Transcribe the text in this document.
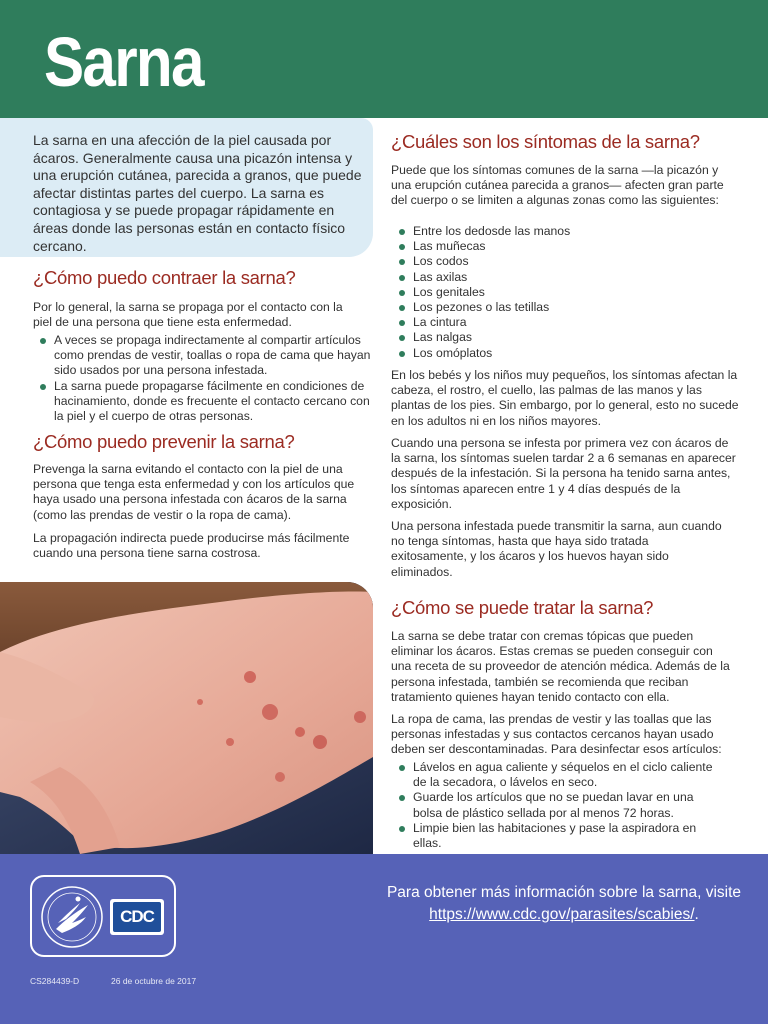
Sarna

La sarna en una afección de la piel causada por ácaros. Generalmente causa una picazón intensa y una erupción cutánea, parecida a granos, que puede afectar distintas partes del cuerpo. La sarna es contagiosa y se puede propagar rápidamente en áreas donde las personas están en contacto físico cercano.

¿Cómo puedo contraer la sarna?

Por lo general, la sarna se propaga por el contacto con la piel de una persona que tiene esta enfermedad.

A veces se propaga indirectamente al compartir artículos como prendas de vestir, toallas o ropa de cama que hayan sido usados por una persona infestada.
La sarna puede propagarse fácilmente en condiciones de hacinamiento, donde es frecuente el contacto cercano con la piel y el cuerpo de otras personas.
¿Cómo puedo prevenir la sarna?

Prevenga la sarna evitando el contacto con la piel de una persona que tenga esta enfermedad y con los artículos que haya usado una persona infestada con ácaros de la sarna (como las prendas de vestir o la ropa de cama).

La propagación indirecta puede producirse más fácilmente cuando una persona tiene sarna costrosa.

¿Cuáles son los síntomas de la sarna?

Puede que los síntomas comunes de la sarna —la picazón y una erupción cutánea parecida a granos— afecten gran parte del cuerpo o se limiten a algunas zonas como las siguientes:

Entre los dedosde las manos
Las muñecas
Los codos
Las axilas
Los genitales
Los pezones o las tetillas
La cintura
Las nalgas
Los omóplatos

En los bebés y los niños muy pequeños, los síntomas afectan la cabeza, el rostro, el cuello, las palmas de las manos y las plantas de los pies. Sin embargo, por lo general, esto no sucede en los adultos ni en los niños mayores.

Cuando una persona se infesta por primera vez con ácaros de la sarna, los síntomas suelen tardar 2 a 6 semanas en aparecer después de la infestación. Si la persona ha tenido sarna antes, los síntomas aparecen entre 1 y 4 días después de la exposición.

Una persona infestada puede transmitir la sarna, aun cuando no tenga síntomas, hasta que haya sido tratada exitosamente, y los ácaros y los huevos hayan sido eliminados.

¿Cómo se puede tratar la sarna?

La sarna se debe tratar con cremas tópicas que pueden eliminar los ácaros. Estas cremas se pueden conseguir con una receta de su proveedor de atención médica. Además de la persona infestada, también se recomienda que reciban tratamiento quienes hayan tenido contacto con ella.

La ropa de cama, las prendas de vestir y las toallas que las personas infestadas y sus contactos cercanos hayan usado deben ser descontaminadas. Para desinfectar esos artículos:

Lávelos en agua caliente y séquelos en el ciclo caliente de la secadora, o lávelos en seco.
Guarde los artículos que no se puedan lavar en una bolsa de plástico sellada por al menos 72 horas.
Limpie bien las habitaciones y pase la aspiradora en ellas.
CDC

Para obtener más información sobre la sarna, visite
https://www.cdc.gov/parasites/scabies/.

CS284439-D	26 de octubre de 2017
